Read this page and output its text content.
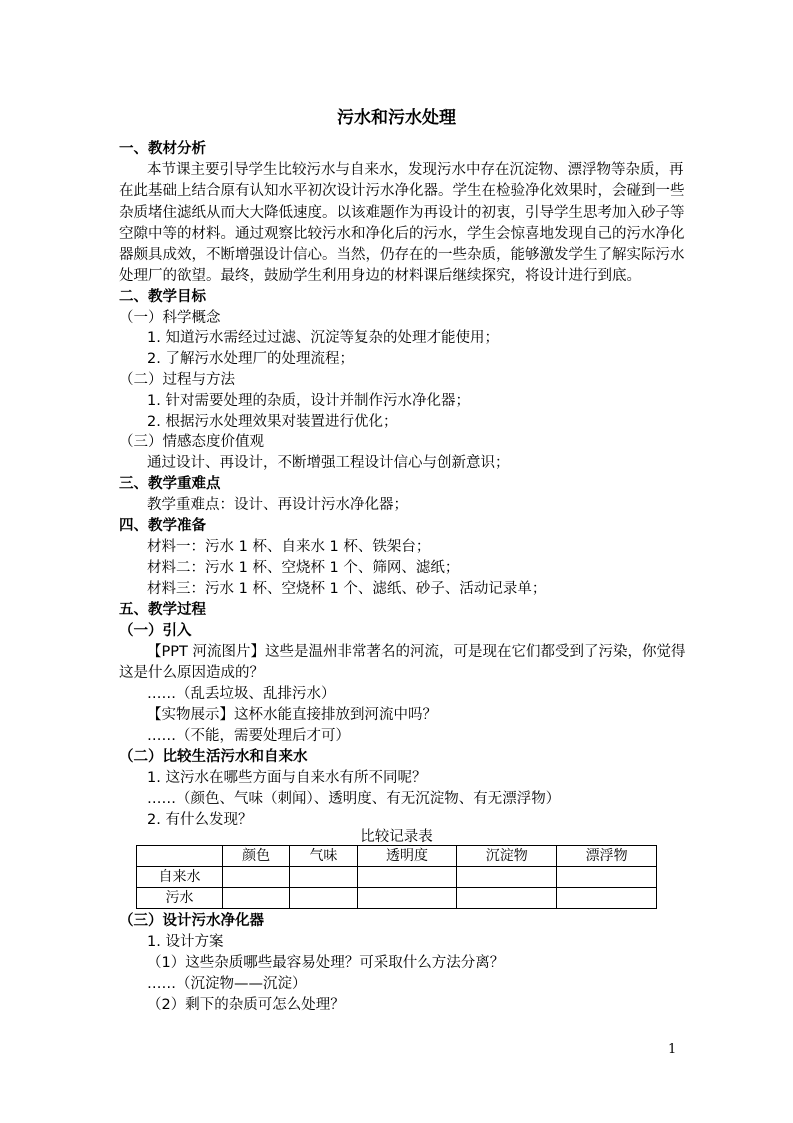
污水和污水处理
一、教材分析
本节课主要引导学生比较污水与自来水，发现污水中存在沉淀物、漂浮物等杂质，再
在此基础上结合原有认知水平初次设计污水净化器。学生在检验净化效果时，会碰到一些
杂质堵住滤纸从而大大降低速度。以该难题作为再设计的初衷，引导学生思考加入砂子等
空隙中等的材料。通过观察比较污水和净化后的污水，学生会惊喜地发现自己的污水净化
器颇具成效，不断增强设计信心。当然，仍存在的一些杂质，能够激发学生了解实际污水
处理厂的欲望。最终，鼓励学生利用身边的材料课后继续探究，将设计进行到底。
二、教学目标
（一）科学概念
1. 知道污水需经过过滤、沉淀等复杂的处理才能使用；
2. 了解污水处理厂的处理流程；
（二）过程与方法
1. 针对需要处理的杂质，设计并制作污水净化器；
2. 根据污水处理效果对装置进行优化；
（三）情感态度价值观
通过设计、再设计，不断增强工程设计信心与创新意识；
三、教学重难点
教学重难点：设计、再设计污水净化器；
四、教学准备
材料一：污水 1 杯、自来水 1 杯、铁架台；
材料二：污水 1 杯、空烧杯 1 个、筛网、滤纸；
材料三：污水 1 杯、空烧杯 1 个、滤纸、砂子、活动记录单；
五、教学过程
（一）引入
【PPT 河流图片】这些是温州非常著名的河流，可是现在它们都受到了污染，你觉得
这是什么原因造成的？
……（乱丢垃圾、乱排污水）
【实物展示】这杯水能直接排放到河流中吗？
……（不能，需要处理后才可）
（二）比较生活污水和自来水
1. 这污水在哪些方面与自来水有所不同呢？
……（颜色、气味（刺闻）、透明度、有无沉淀物、有无漂浮物）
2. 有什么发现？
比较记录表
	颜色	气味	透明度	沉淀物	漂浮物
自来水					
污水					
（三）设计污水净化器
1. 设计方案
（1）这些杂质哪些最容易处理？可采取什么方法分离？
……（沉淀物——沉淀）
（2）剩下的杂质可怎么处理？
1
